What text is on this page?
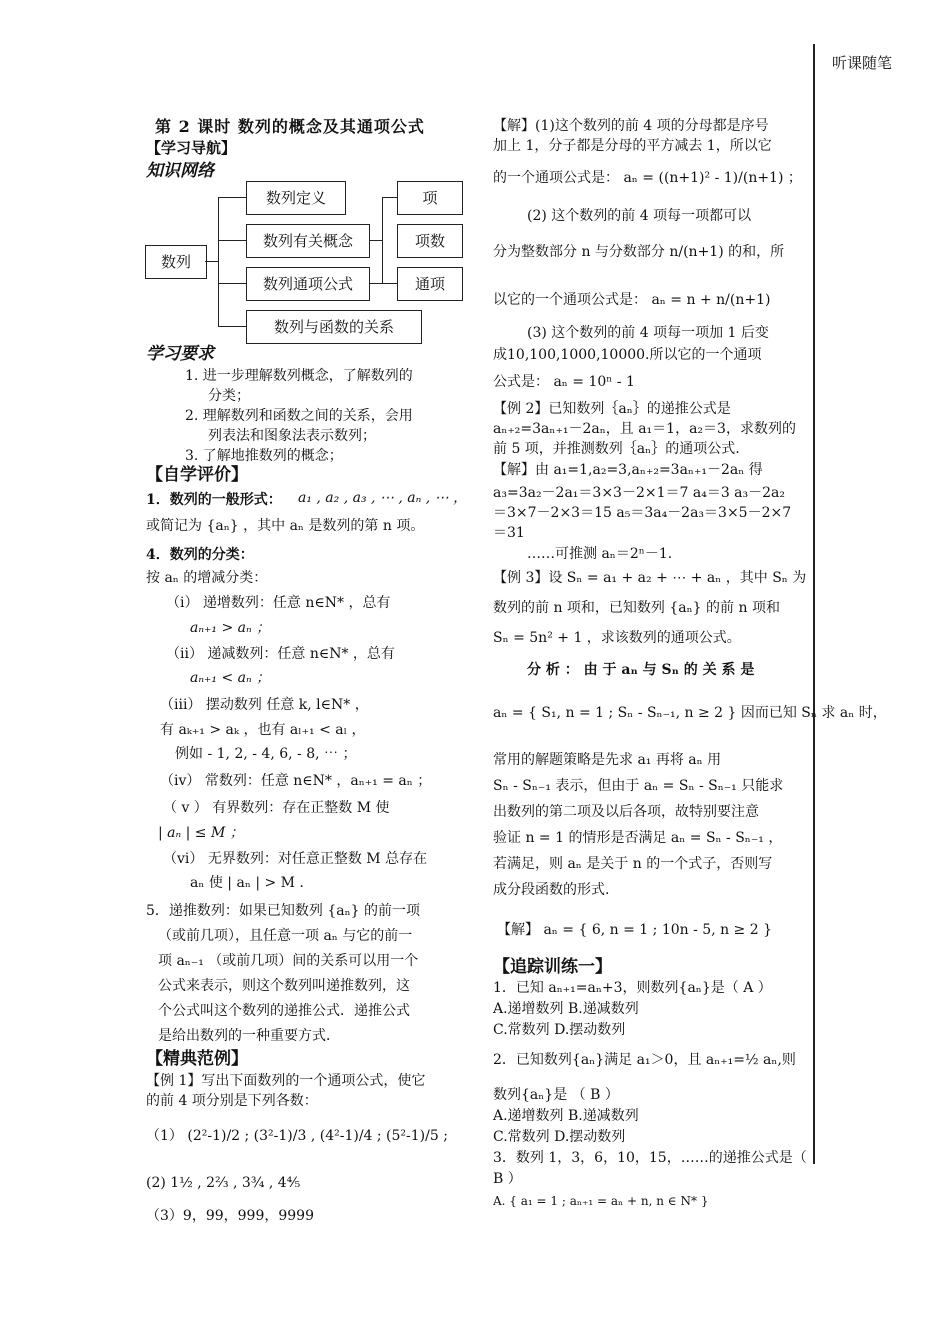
听课随笔
第 2 课时 数列的概念及其通项公式
【学习导航】
知识网络
数列
数列定义
数列有关概念
数列通项公式
数列与函数的关系
项
项数
通项
学习要求
1. 进一步理解数列概念，了解数列的
分类；
2. 理解数列和函数之间的关系，会用
列表法和图象法表示数列；
3. 了解地推数列的概念；
【自学评价】
1．数列的一般形式： a₁ , a₂ , a₃ , ⋯ , aₙ , ⋯ ，
或简记为 {aₙ} ，其中 aₙ 是数列的第 n 项。
4．数列的分类：
按 aₙ 的增减分类：
（i） 递增数列：任意 n∈N* ，总有
aₙ₊₁ > aₙ ；
（ii） 递减数列：任意 n∈N* ，总有
aₙ₊₁ < aₙ ；
（iii） 摆动数列 任意 k, l∈N* ，
有 aₖ₊₁ > aₖ ，也有 aₗ₊₁ < aₗ ，
例如 - 1, 2, - 4, 6, - 8, ⋯ ；
（iv） 常数列：任意 n∈N* ，aₙ₊₁ = aₙ ；
（ v ） 有界数列：存在正整数 M 使
| aₙ | ≤ M ；
（vi） 无界数列：对任意正整数 M 总存在
aₙ 使 | aₙ | > M ．
5．递推数列：如果已知数列 {aₙ} 的前一项
（或前几项），且任意一项 aₙ 与它的前一
项 aₙ₋₁ （或前几项）间的关系可以用一个
公式来表示，则这个数列叫递推数列，这
个公式叫这个数列的递推公式．递推公式
是给出数列的一种重要方式．
【精典范例】
【例 1】写出下面数列的一个通项公式，使它
的前 4 项分别是下列各数：
（1） (2²-1)/2 ; (3²-1)/3 , (4²-1)/4 ; (5²-1)/5 ;
(2) 1½ , 2⅔ , 3¾ , 4⅘
（3）9，99，999，9999
【解】(1)这个数列的前 4 项的分母都是序号
加上 1，分子都是分母的平方减去 1，所以它
的一个通项公式是： aₙ = ((n+1)² - 1)/(n+1) ；
(2) 这个数列的前 4 项每一项都可以
分为整数部分 n 与分数部分 n/(n+1) 的和，所
以它的一个通项公式是： aₙ = n + n/(n+1)
(3) 这个数列的前 4 项每一项加 1 后变
成10,100,1000,10000.所以它的一个通项
公式是： aₙ = 10ⁿ - 1
【例 2】已知数列｛aₙ｝的递推公式是
aₙ₊₂=3aₙ₊₁－2aₙ，且 a₁＝1，a₂＝3，求数列的
前 5 项，并推测数列｛aₙ｝的通项公式.
【解】由 a₁=1,a₂=3,aₙ₊₂=3aₙ₊₁－2aₙ 得
a₃=3a₂－2a₁＝3×3－2×1＝7 a₄＝3 a₃－2a₂
＝3×7－2×3＝15 a₅＝3a₄－2a₃＝3×5－2×7
＝31
……可推测 aₙ＝2ⁿ－1.
【例 3】设 Sₙ = a₁ + a₂ + ⋯ + aₙ ，其中 Sₙ 为
数列的前 n 项和，已知数列 {aₙ} 的前 n 项和
Sₙ = 5n² + 1 ，求该数列的通项公式。
分 析 ： 由 于 aₙ 与 Sₙ 的 关 系 是
aₙ = { S₁, n = 1 ; Sₙ - Sₙ₋₁, n ≥ 2 } 因而已知 Sₙ 求 aₙ 时，
常用的解题策略是先求 a₁ 再将 aₙ 用
Sₙ - Sₙ₋₁ 表示，但由于 aₙ = Sₙ - Sₙ₋₁ 只能求
出数列的第二项及以后各项，故特别要注意
验证 n = 1 的情形是否满足 aₙ = Sₙ - Sₙ₋₁ ，
若满足，则 aₙ 是关于 n 的一个式子，否则写
成分段函数的形式.
【解】 aₙ = { 6, n = 1 ; 10n - 5, n ≥ 2 }
【追踪训练一】
1．已知 aₙ₊₁=aₙ+3，则数列{aₙ}是（ A ）
A.递增数列 B.递减数列
C.常数列 D.摆动数列
2．已知数列{aₙ}满足 a₁＞0，且 aₙ₊₁=½ aₙ,则
数列{aₙ}是 （ B ）
A.递增数列 B.递减数列
C.常数列 D.摆动数列
3．数列 1，3，6，10，15，……的递推公式是（
B ）
A. { a₁ = 1 ; aₙ₊₁ = aₙ + n, n ∈ N* }
